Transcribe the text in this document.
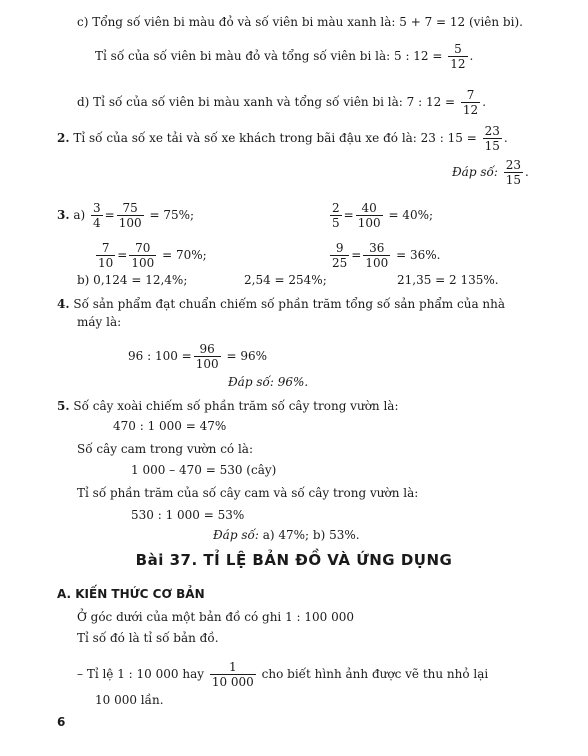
c) Tổng số viên bi màu đỏ và số viên bi màu xanh là: 5 + 7 = 12 (viên bi).
Tỉ số của số viên bi màu đỏ và tổng số viên bi là: 5 : $12 = \frac{5}{12}$ .
d) Tỉ số của số viên bi màu xanh và tổng số viên bi là: 7 : $12 = \frac{7}{12}$ .
2. Tỉ số của số xe tải và số xe khách trong bãi đậu xe đó là: 23 : $15 = \frac{23}{15}$ .
Đáp số: $\frac{23}{15}$ .
3. $a) \frac{3}{4} = \frac{75}{100} = 75\%$;	$\frac{2}{5} = \frac{40}{100} = 40\%$;
$\frac{7}{10} = \frac{70}{100} = 70\%$;	$\frac{9}{25} = \frac{36}{100} = 36\%$.
b) 0,124 = 12,4%;	2,54 = 254%;	21,35 = 2 135%.
4. Số sản phẩm đạt chuẩn chiếm số phần trăm tổng số sản phẩm của nhà
máy là:
96 : $100 = \frac{96}{100} = 96\%$
Đáp số: 96%.
5. Số cây xoài chiếm số phần trăm số cây trong vườn là:
470 : 1 000 = 47%
Số cây cam trong vườn có là:
1 000 – 470 = 530 (cây)
Tỉ số phần trăm của số cây cam và số cây trong vườn là:
530 : 1 000 = 53%
Đáp số: a) 47%; b) 53%.
Bài 37. TỈ LỆ BẢN ĐỒ VÀ ỨNG DỤNG
A. KIẾN THỨC CƠ BẢN
Ở góc dưới của một bản đồ có ghi 1 : 100 000
Tỉ số đó là tỉ số bản đồ.
– Tỉ lệ 1 : 10 000 hay $\frac{1}{10 000}$ cho biết hình ảnh được vẽ thu nhỏ lại
10 000 lần.
6
